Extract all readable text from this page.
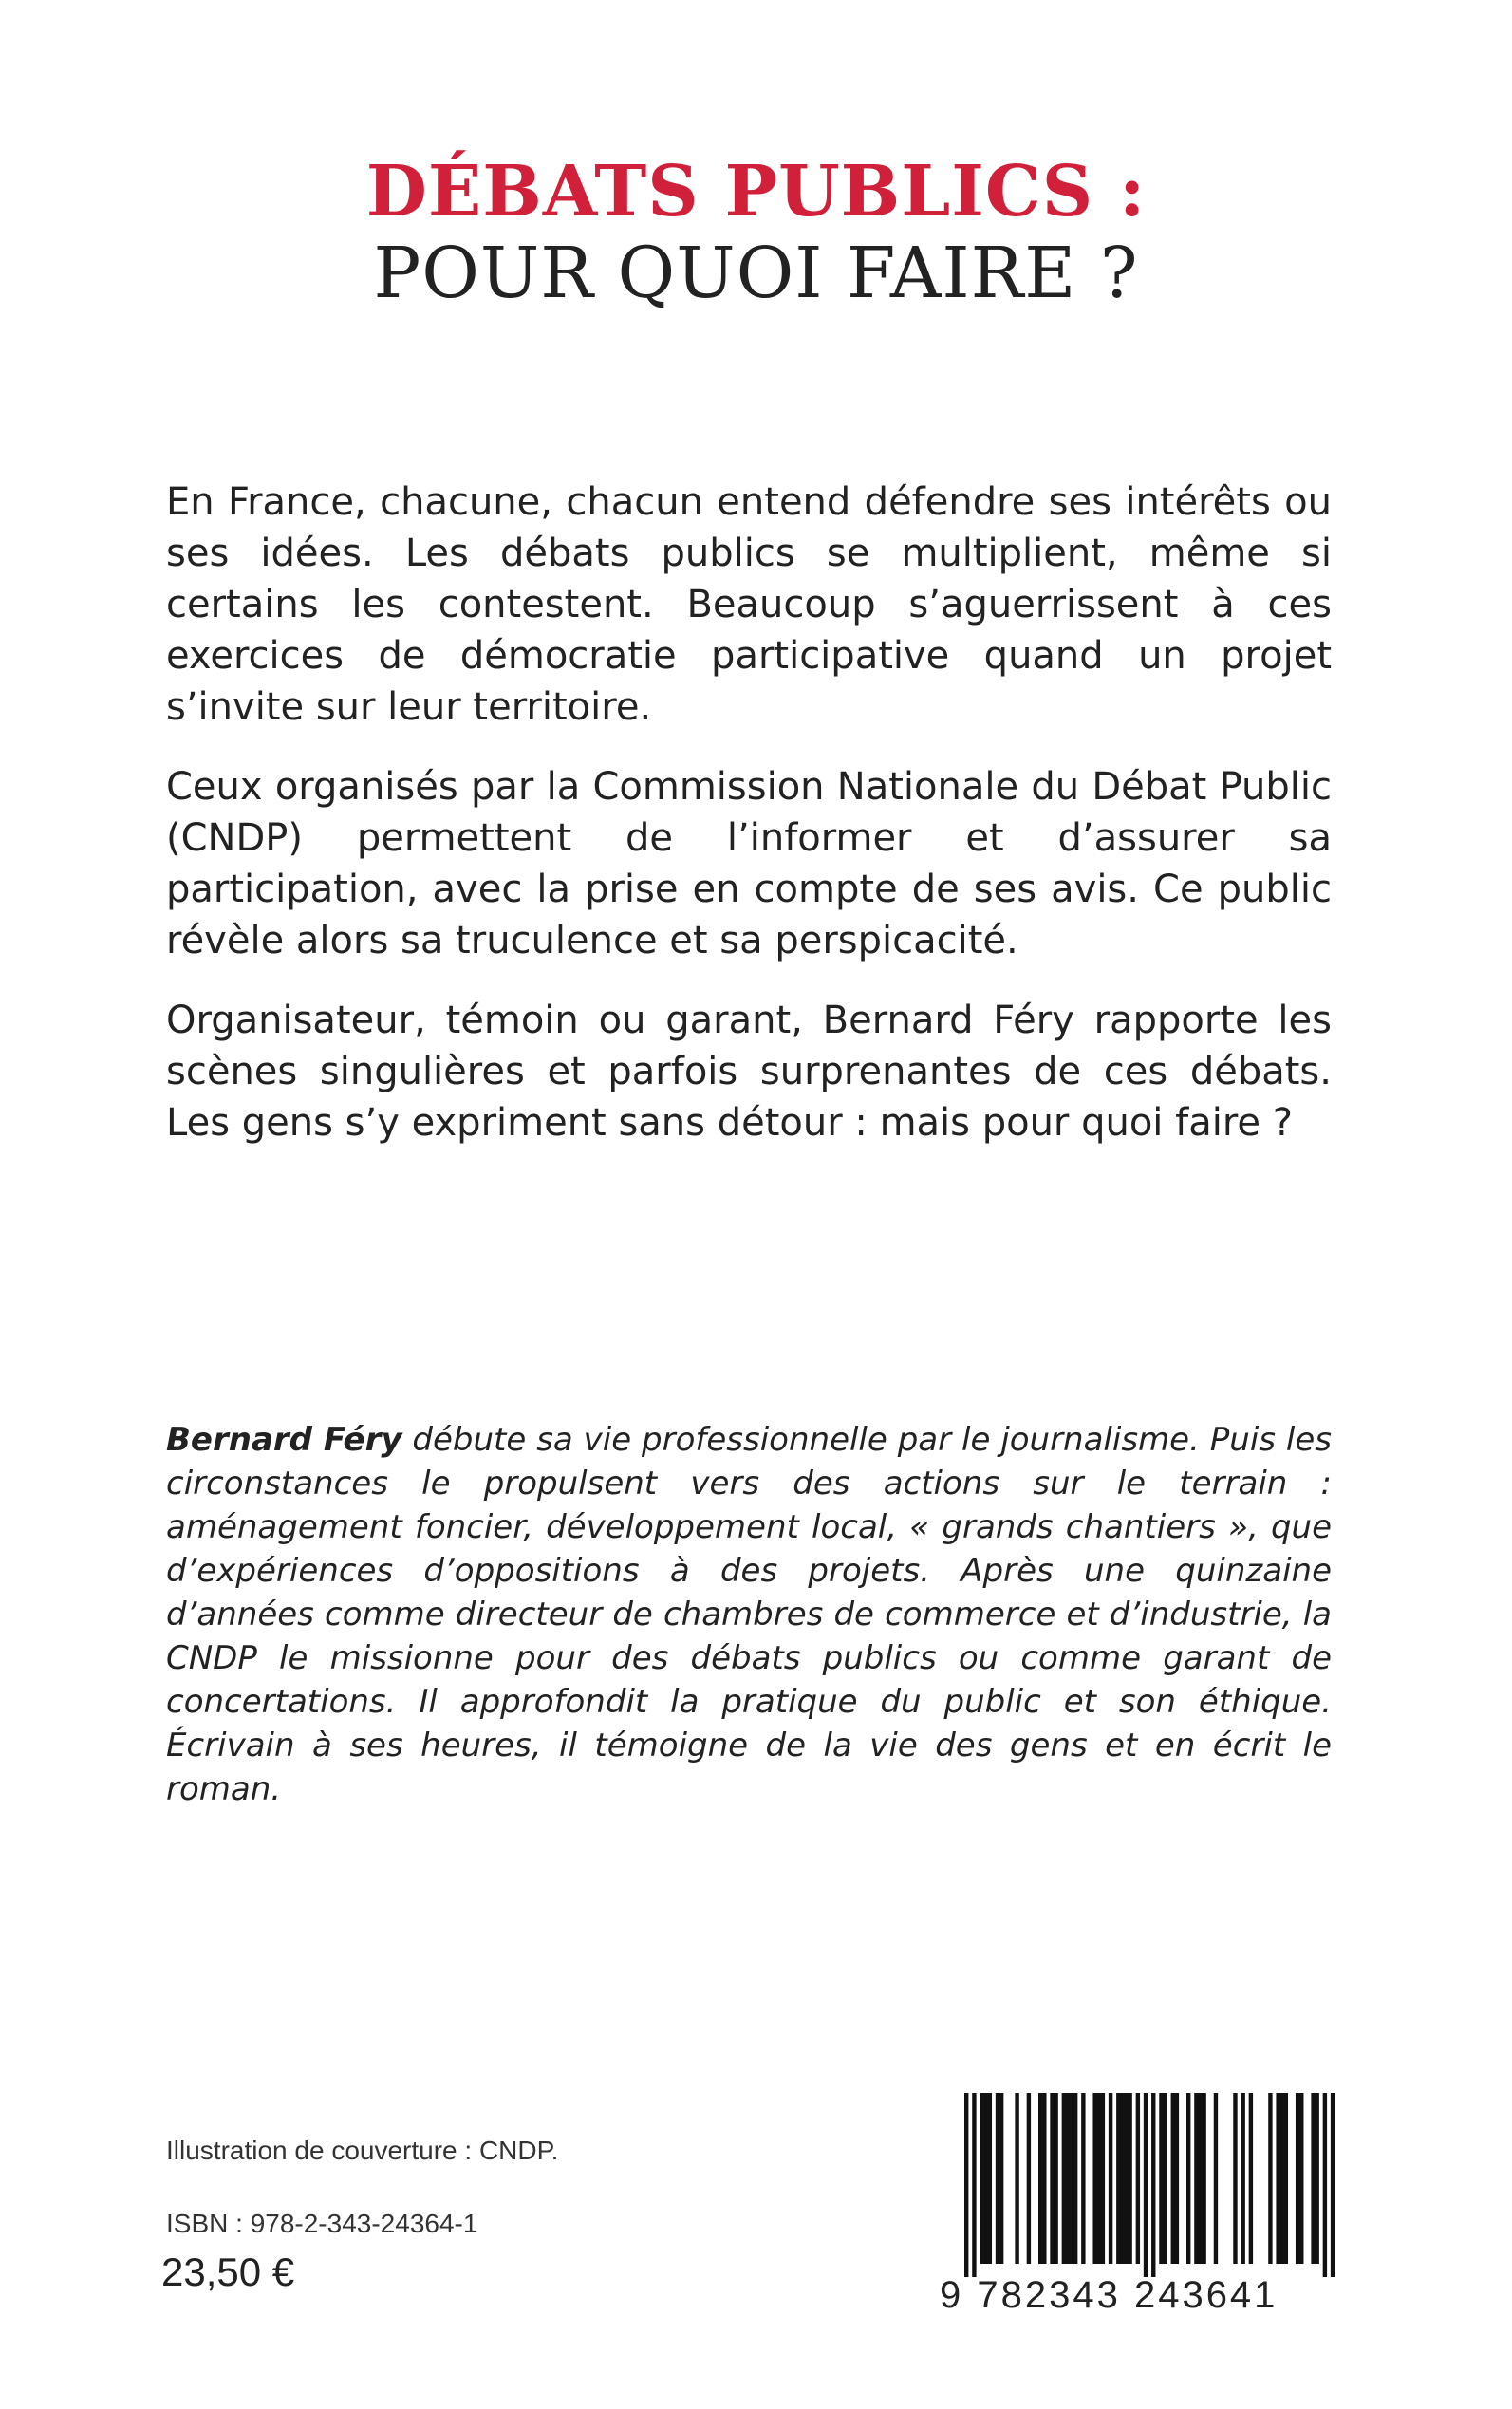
DÉBATS PUBLICS :
POUR QUOI FAIRE ?

En France, chacune, chacun entend défendre ses intérêts ou ses idées. Les débats publics se multiplient, même si certains les contestent. Beaucoup s’aguerrissent à ces exercices de démocratie participative quand un projet s’invite sur leur territoire.

Ceux organisés par la Commission Nationale du Débat Public (CNDP) permettent de l’informer et d’assurer sa participation, avec la prise en compte de ses avis. Ce public révèle alors sa truculence et sa perspicacité.

Organisateur, témoin ou garant, Bernard Féry rapporte les scènes singulières et parfois surprenantes de ces débats. Les gens s’y expriment sans détour : mais pour quoi faire ?

Bernard Féry débute sa vie professionnelle par le journalisme. Puis les circonstances le propulsent vers des actions sur le terrain : aménagement foncier, développement local, « grands chantiers », que d’expériences d’oppositions à des projets. Après une quinzaine d’années comme directeur de chambres de commerce et d’industrie, la CNDP le missionne pour des débats publics ou comme garant de concertations. Il approfondit la pratique du public et son éthique. Écrivain à ses heures, il témoigne de la vie des gens et en écrit le roman.

Illustration de couverture : CNDP.
ISBN : 978-2-343-24364-1
23,50 €
9 782343 243641
